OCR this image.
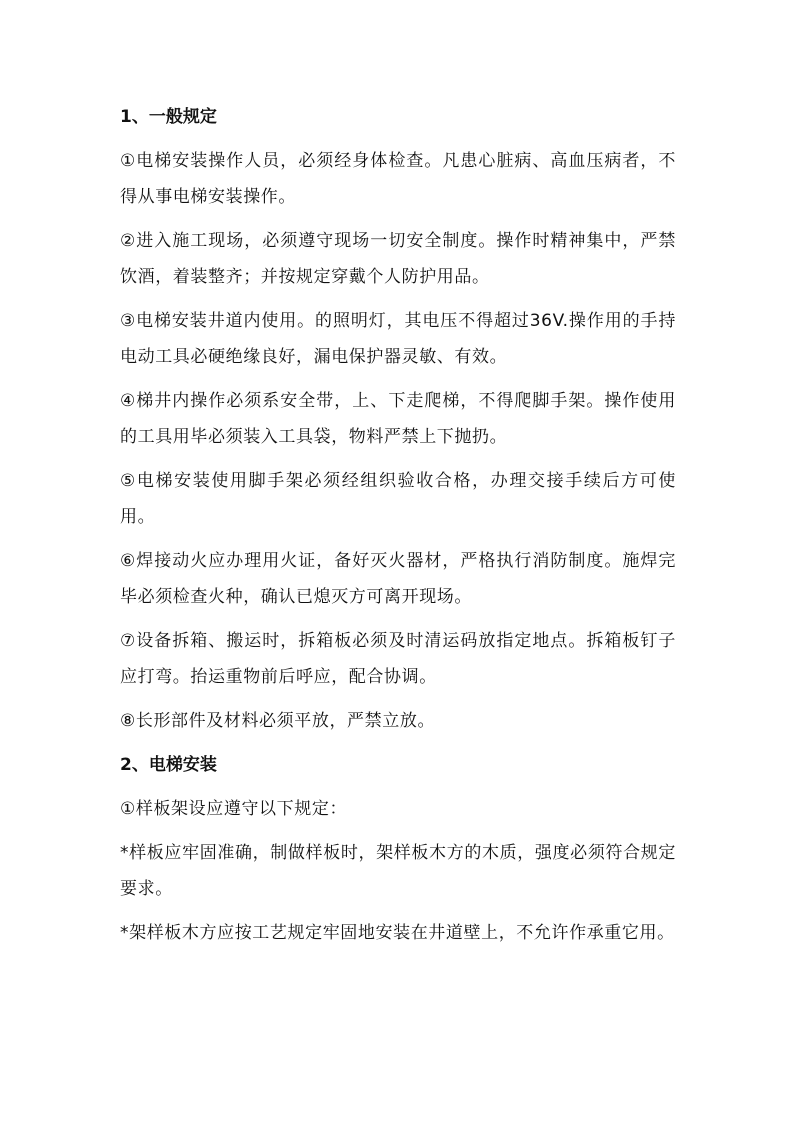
1、一般规定

①电梯安装操作人员，必须经身体检查。凡患心脏病、高血压病者，不得从事电梯安装操作。

②进入施工现场，必须遵守现场一切安全制度。操作时精神集中，严禁饮酒，着装整齐；并按规定穿戴个人防护用品。

③电梯安装井道内使用。的照明灯，其电压不得超过36V.操作用的手持电动工具必硬绝缘良好，漏电保护器灵敏、有效。

④梯井内操作必须系安全带，上、下走爬梯，不得爬脚手架。操作使用的工具用毕必须装入工具袋，物料严禁上下抛扔。

⑤电梯安装使用脚手架必须经组织验收合格，办理交接手续后方可使用。

⑥焊接动火应办理用火证，备好灭火器材，严格执行消防制度。施焊完毕必须检查火种，确认已熄灭方可离开现场。

⑦设备拆箱、搬运时，拆箱板必须及时清运码放指定地点。拆箱板钉子应打弯。抬运重物前后呼应，配合协调。

⑧长形部件及材料必须平放，严禁立放。

2、电梯安装

①样板架设应遵守以下规定：

*样板应牢固准确，制做样板时，架样板木方的木质，强度必须符合规定要求。

*架样板木方应按工艺规定牢固地安装在井道壁上，不允许作承重它用。
